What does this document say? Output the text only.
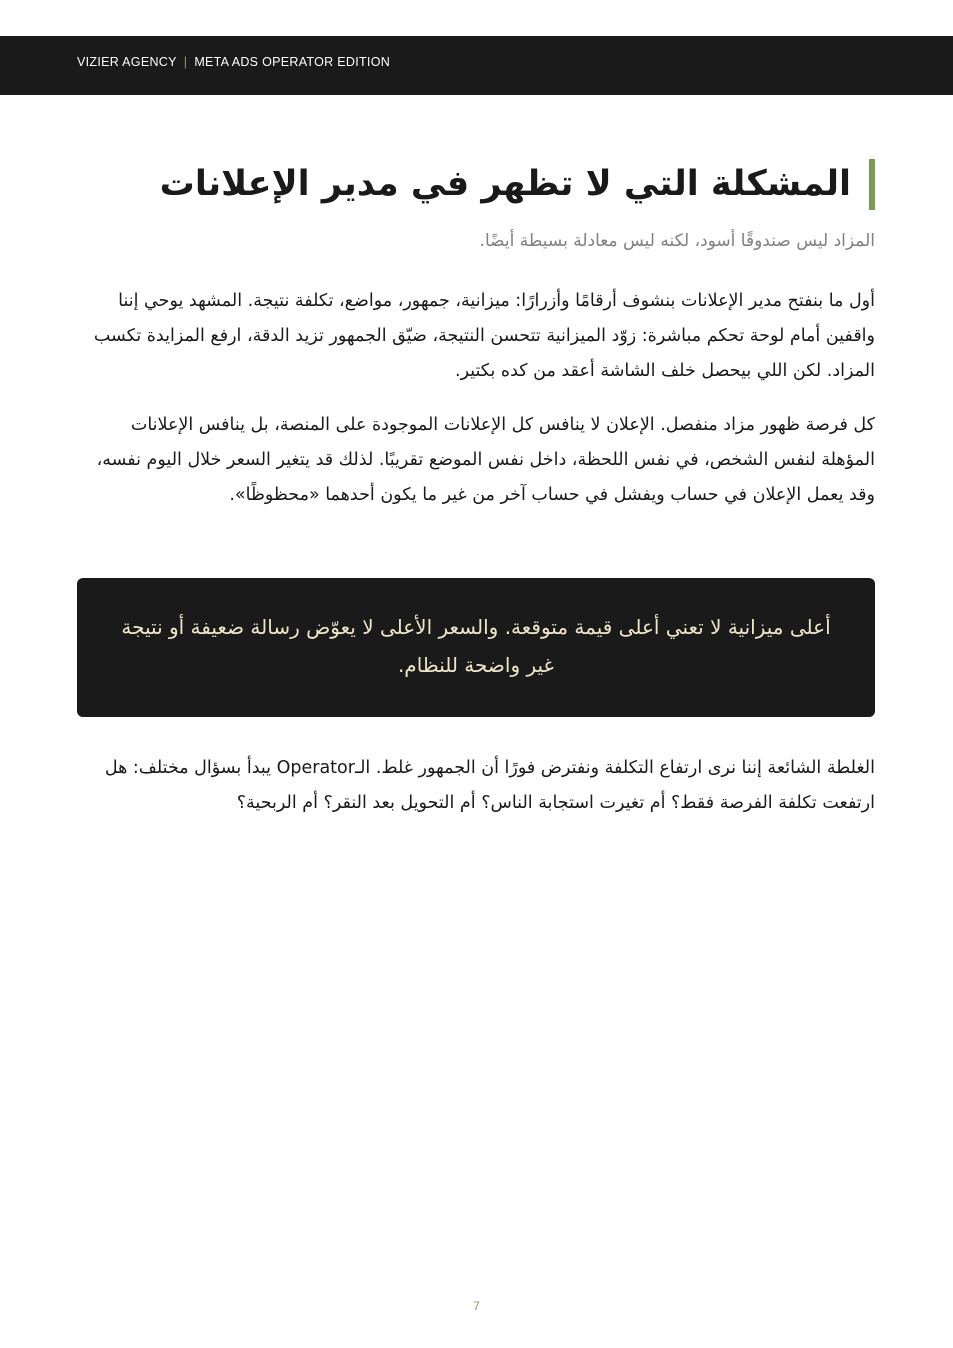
VIZIER AGENCY | META ADS OPERATOR EDITION
المشكلة التي لا تظهر في مدير الإعلانات

المزاد ليس صندوقًا أسود، لكنه ليس معادلة بسيطة أيضًا.

أول ما بنفتح مدير الإعلانات بنشوف أرقامًا وأزرارًا: ميزانية، جمهور، مواضع، تكلفة نتيجة. المشهد يوحي إننا واقفين أمام لوحة تحكم مباشرة: زوّد الميزانية تتحسن النتيجة، ضيّق الجمهور تزيد الدقة، ارفع المزايدة تكسب المزاد. لكن اللي بيحصل خلف الشاشة أعقد من كده بكتير.

كل فرصة ظهور مزاد منفصل. الإعلان لا ينافس كل الإعلانات الموجودة على المنصة، بل ينافس الإعلانات المؤهلة لنفس الشخص، في نفس اللحظة، داخل نفس الموضع تقريبًا. لذلك قد يتغير السعر خلال اليوم نفسه، وقد يعمل الإعلان في حساب ويفشل في حساب آخر من غير ما يكون أحدهما «محظوظًا».

أعلى ميزانية لا تعني أعلى قيمة متوقعة. والسعر الأعلى لا يعوّض رسالة ضعيفة أو نتيجة غير واضحة للنظام.

الغلطة الشائعة إننا نرى ارتفاع التكلفة ونفترض فورًا أن الجمهور غلط. الـOperator يبدأ بسؤال مختلف: هل ارتفعت تكلفة الفرصة فقط؟ أم تغيرت استجابة الناس؟ أم التحويل بعد النقر؟ أم الربحية؟

7
